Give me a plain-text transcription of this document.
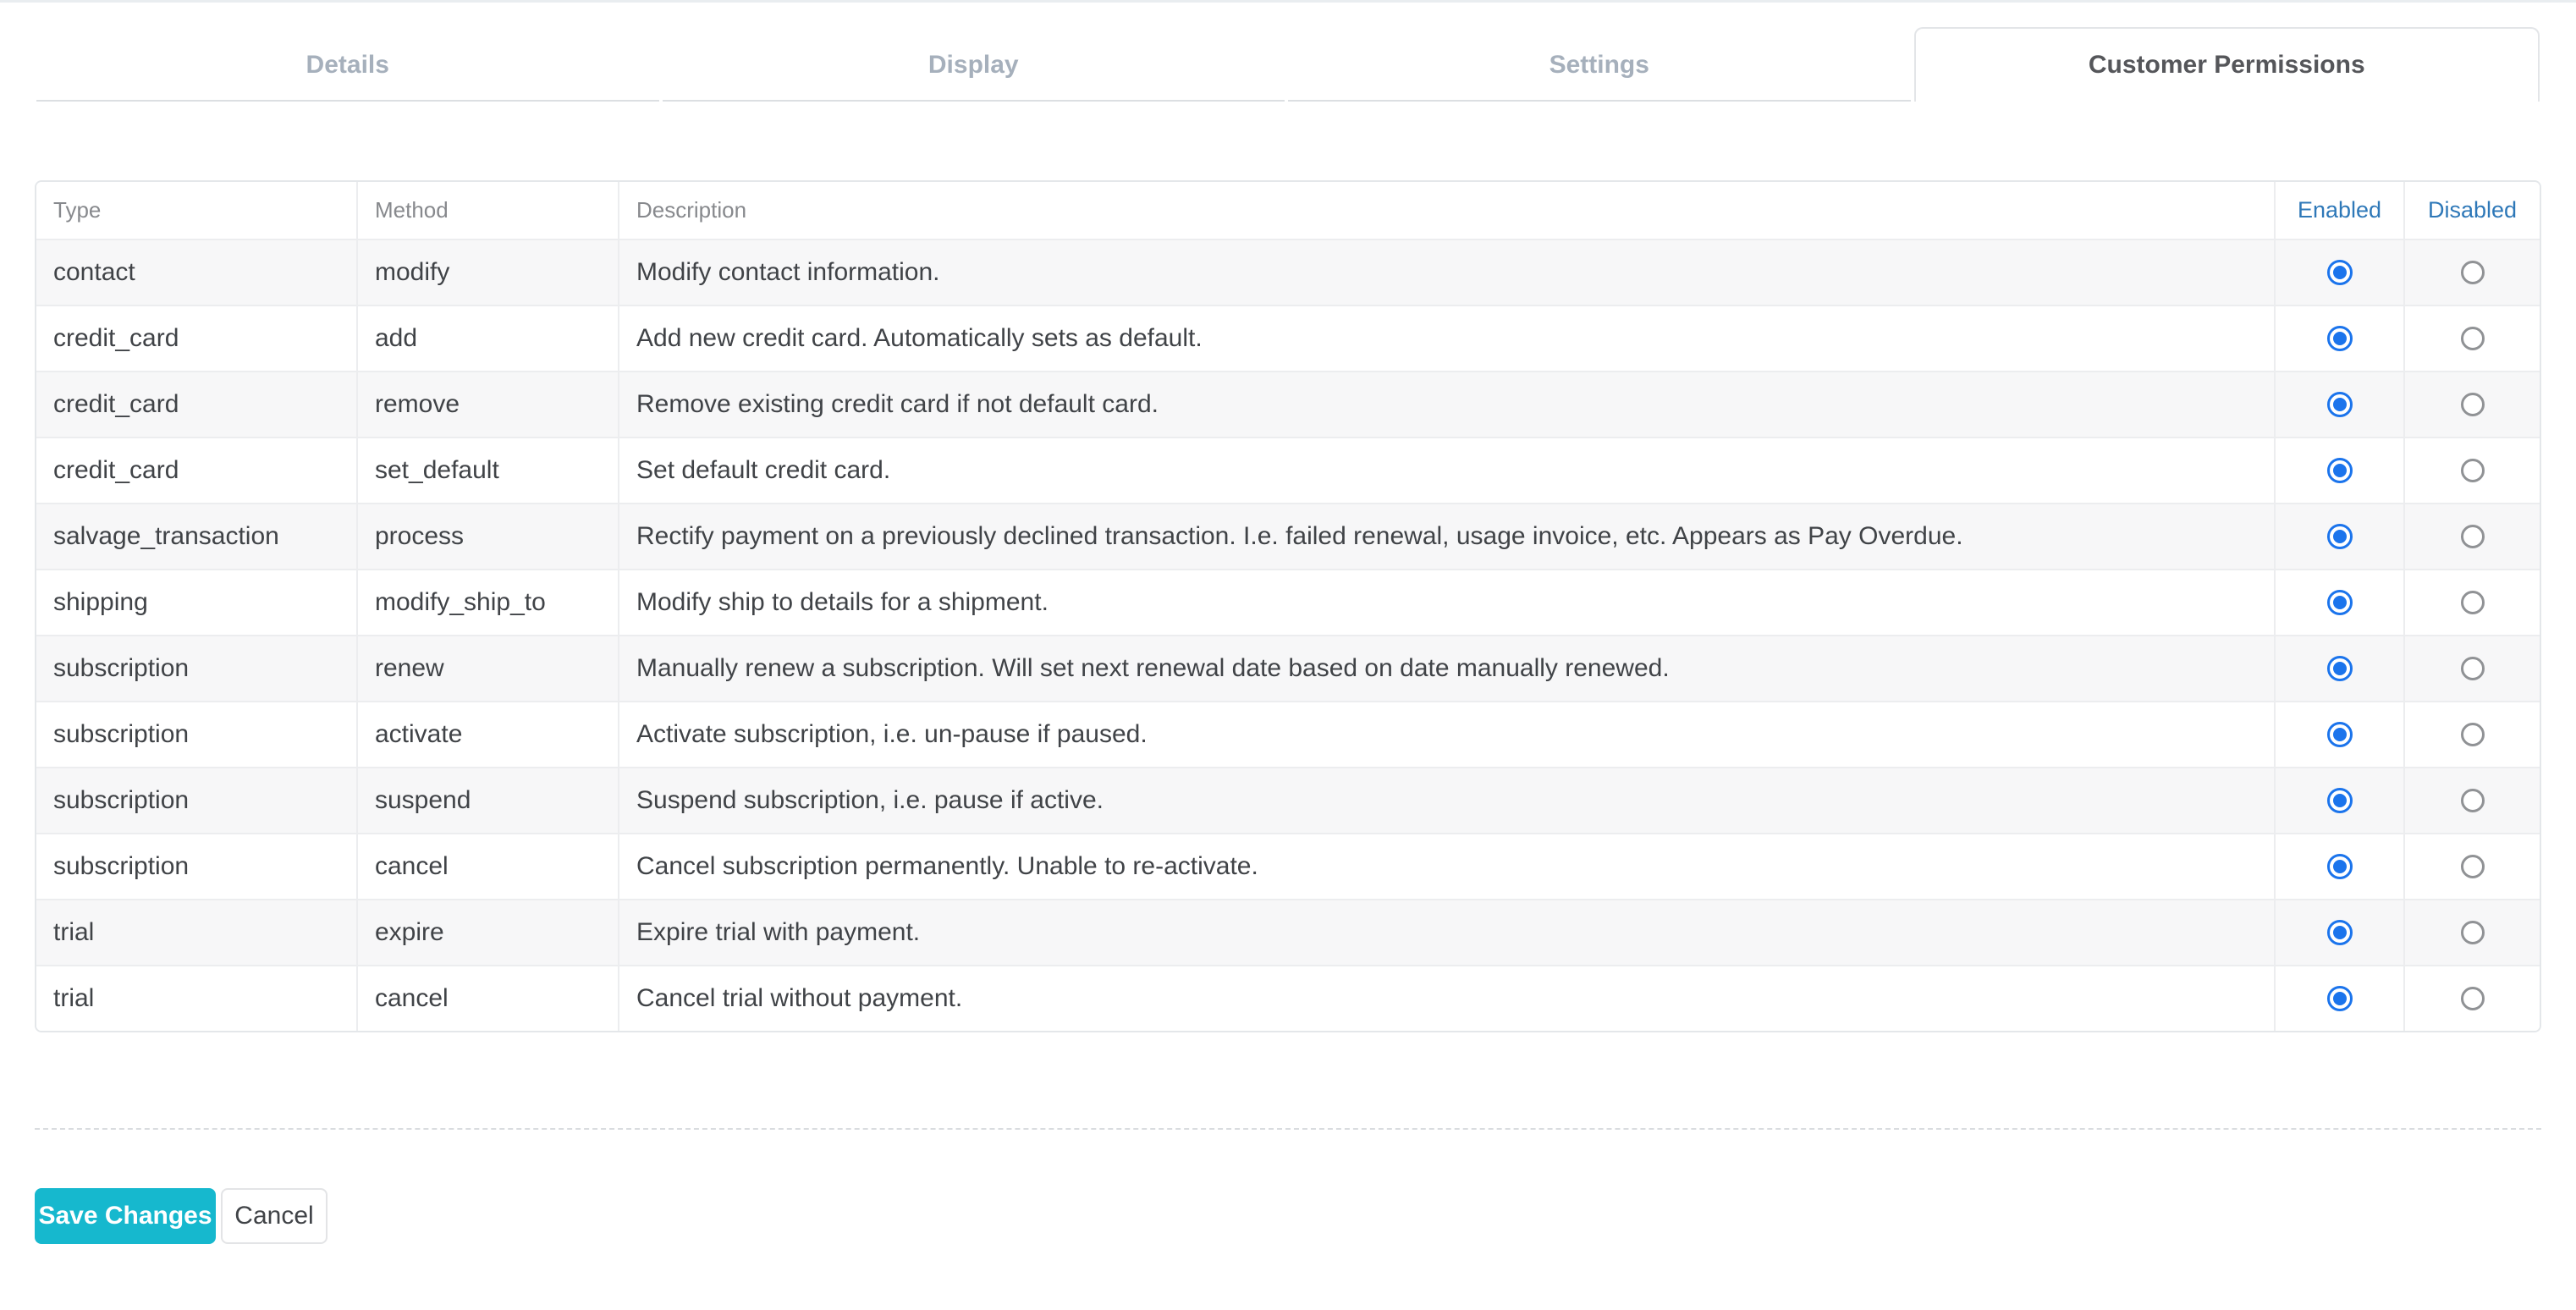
Details	Display	Settings	Customer Permissions
Type	Method	Description	Enabled	Disabled
contact	modify	Modify contact information.
credit_card	add	Add new credit card. Automatically sets as default.
credit_card	remove	Remove existing credit card if not default card.
credit_card	set_default	Set default credit card.
salvage_transaction	process	Rectify payment on a previously declined transaction. I.e. failed renewal, usage invoice, etc. Appears as Pay Overdue.
shipping	modify_ship_to	Modify ship to details for a shipment.
subscription	renew	Manually renew a subscription. Will set next renewal date based on date manually renewed.
subscription	activate	Activate subscription, i.e. un-pause if paused.
subscription	suspend	Suspend subscription, i.e. pause if active.
subscription	cancel	Cancel subscription permanently. Unable to re-activate.
trial	expire	Expire trial with payment.
trial	cancel	Cancel trial without payment.
Save Changes Cancel
